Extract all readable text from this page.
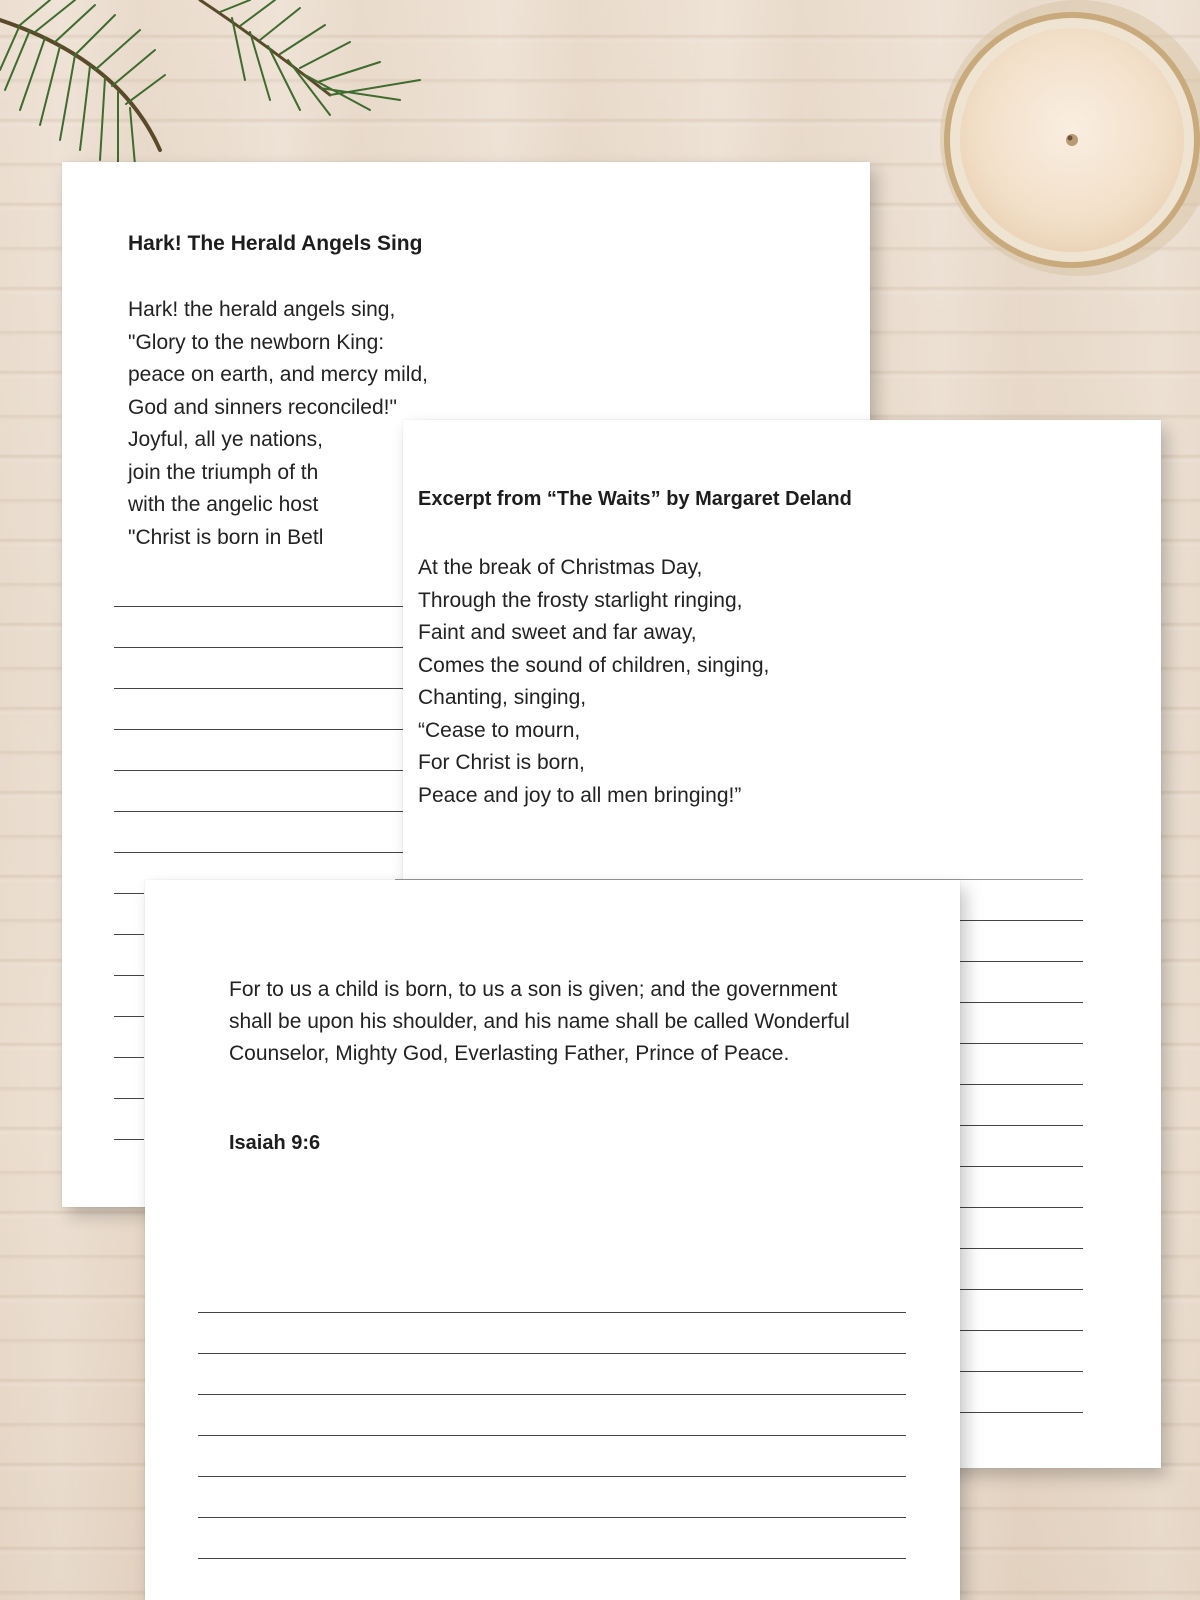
Hark! The Herald Angels Sing
Hark! the herald angels sing,
"Glory to the newborn King:
peace on earth, and mercy mild,
God and sinners reconciled!"
Joyful, all ye nations,
join the triumph of th
with the angelic host
"Christ is born in Betl
Excerpt from “The Waits” by Margaret Deland
At the break of Christmas Day,
Through the frosty starlight ringing,
Faint and sweet and far away,
Comes the sound of children, singing,
Chanting, singing,
“Cease to mourn,
For Christ is born,
Peace and joy to all men bringing!”
For to us a child is born, to us a son is given; and the government shall be upon his shoulder, and his name shall be called Wonderful Counselor, Mighty God, Everlasting Father, Prince of Peace.
Isaiah 9:6
